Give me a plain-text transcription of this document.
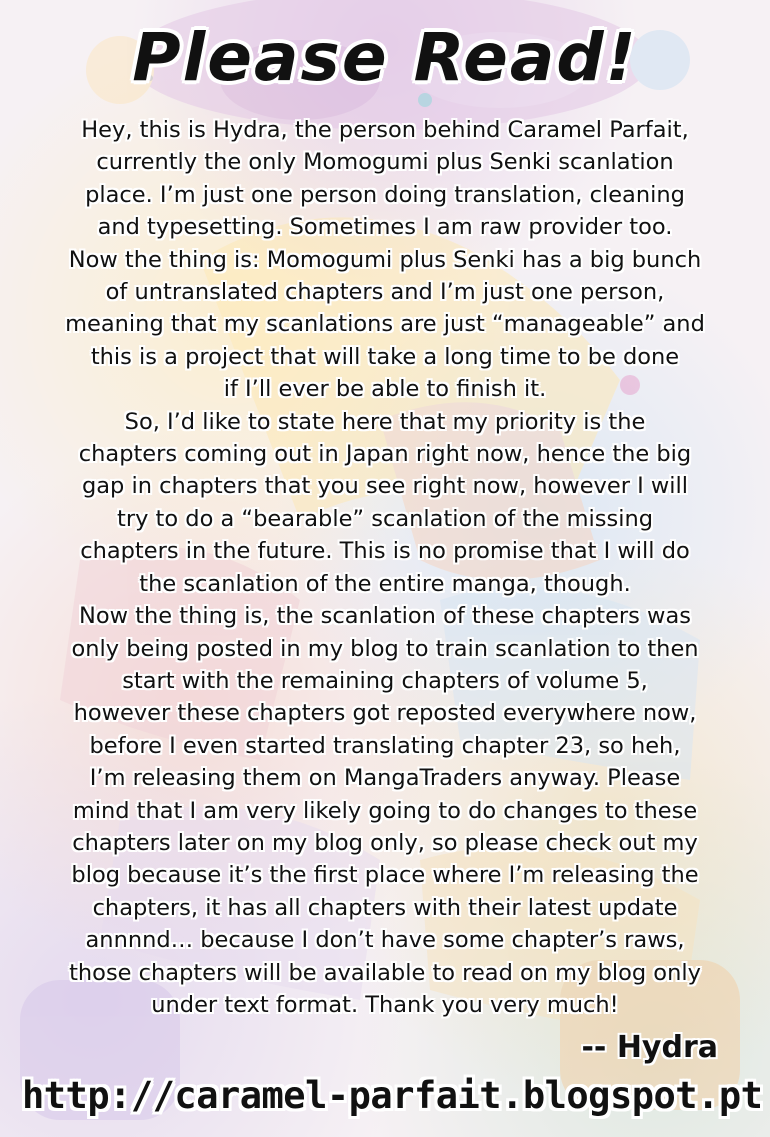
Please Read!
Hey, this is Hydra, the person behind Caramel Parfait,
currently the only Momogumi plus Senki scanlation
place. I’m just one person doing translation, cleaning
and typesetting. Sometimes I am raw provider too.
Now the thing is: Momogumi plus Senki has a big bunch
of untranslated chapters and I’m just one person,
meaning that my scanlations are just “manageable” and
this is a project that will take a long time to be done
if I’ll ever be able to finish it.
So, I’d like to state here that my priority is the
chapters coming out in Japan right now, hence the big
gap in chapters that you see right now, however I will
try to do a “bearable” scanlation of the missing
chapters in the future. This is no promise that I will do
the scanlation of the entire manga, though.
Now the thing is, the scanlation of these chapters was
only being posted in my blog to train scanlation to then
start with the remaining chapters of volume 5,
however these chapters got reposted everywhere now,
before I even started translating chapter 23, so heh,
I’m releasing them on MangaTraders anyway. Please
mind that I am very likely going to do changes to these
chapters later on my blog only, so please check out my
blog because it’s the first place where I’m releasing the
chapters, it has all chapters with their latest update
annnnd… because I don’t have some chapter’s raws,
those chapters will be available to read on my blog only
under text format. Thank you very much!
-- Hydra
http://caramel-parfait.blogspot.pt
